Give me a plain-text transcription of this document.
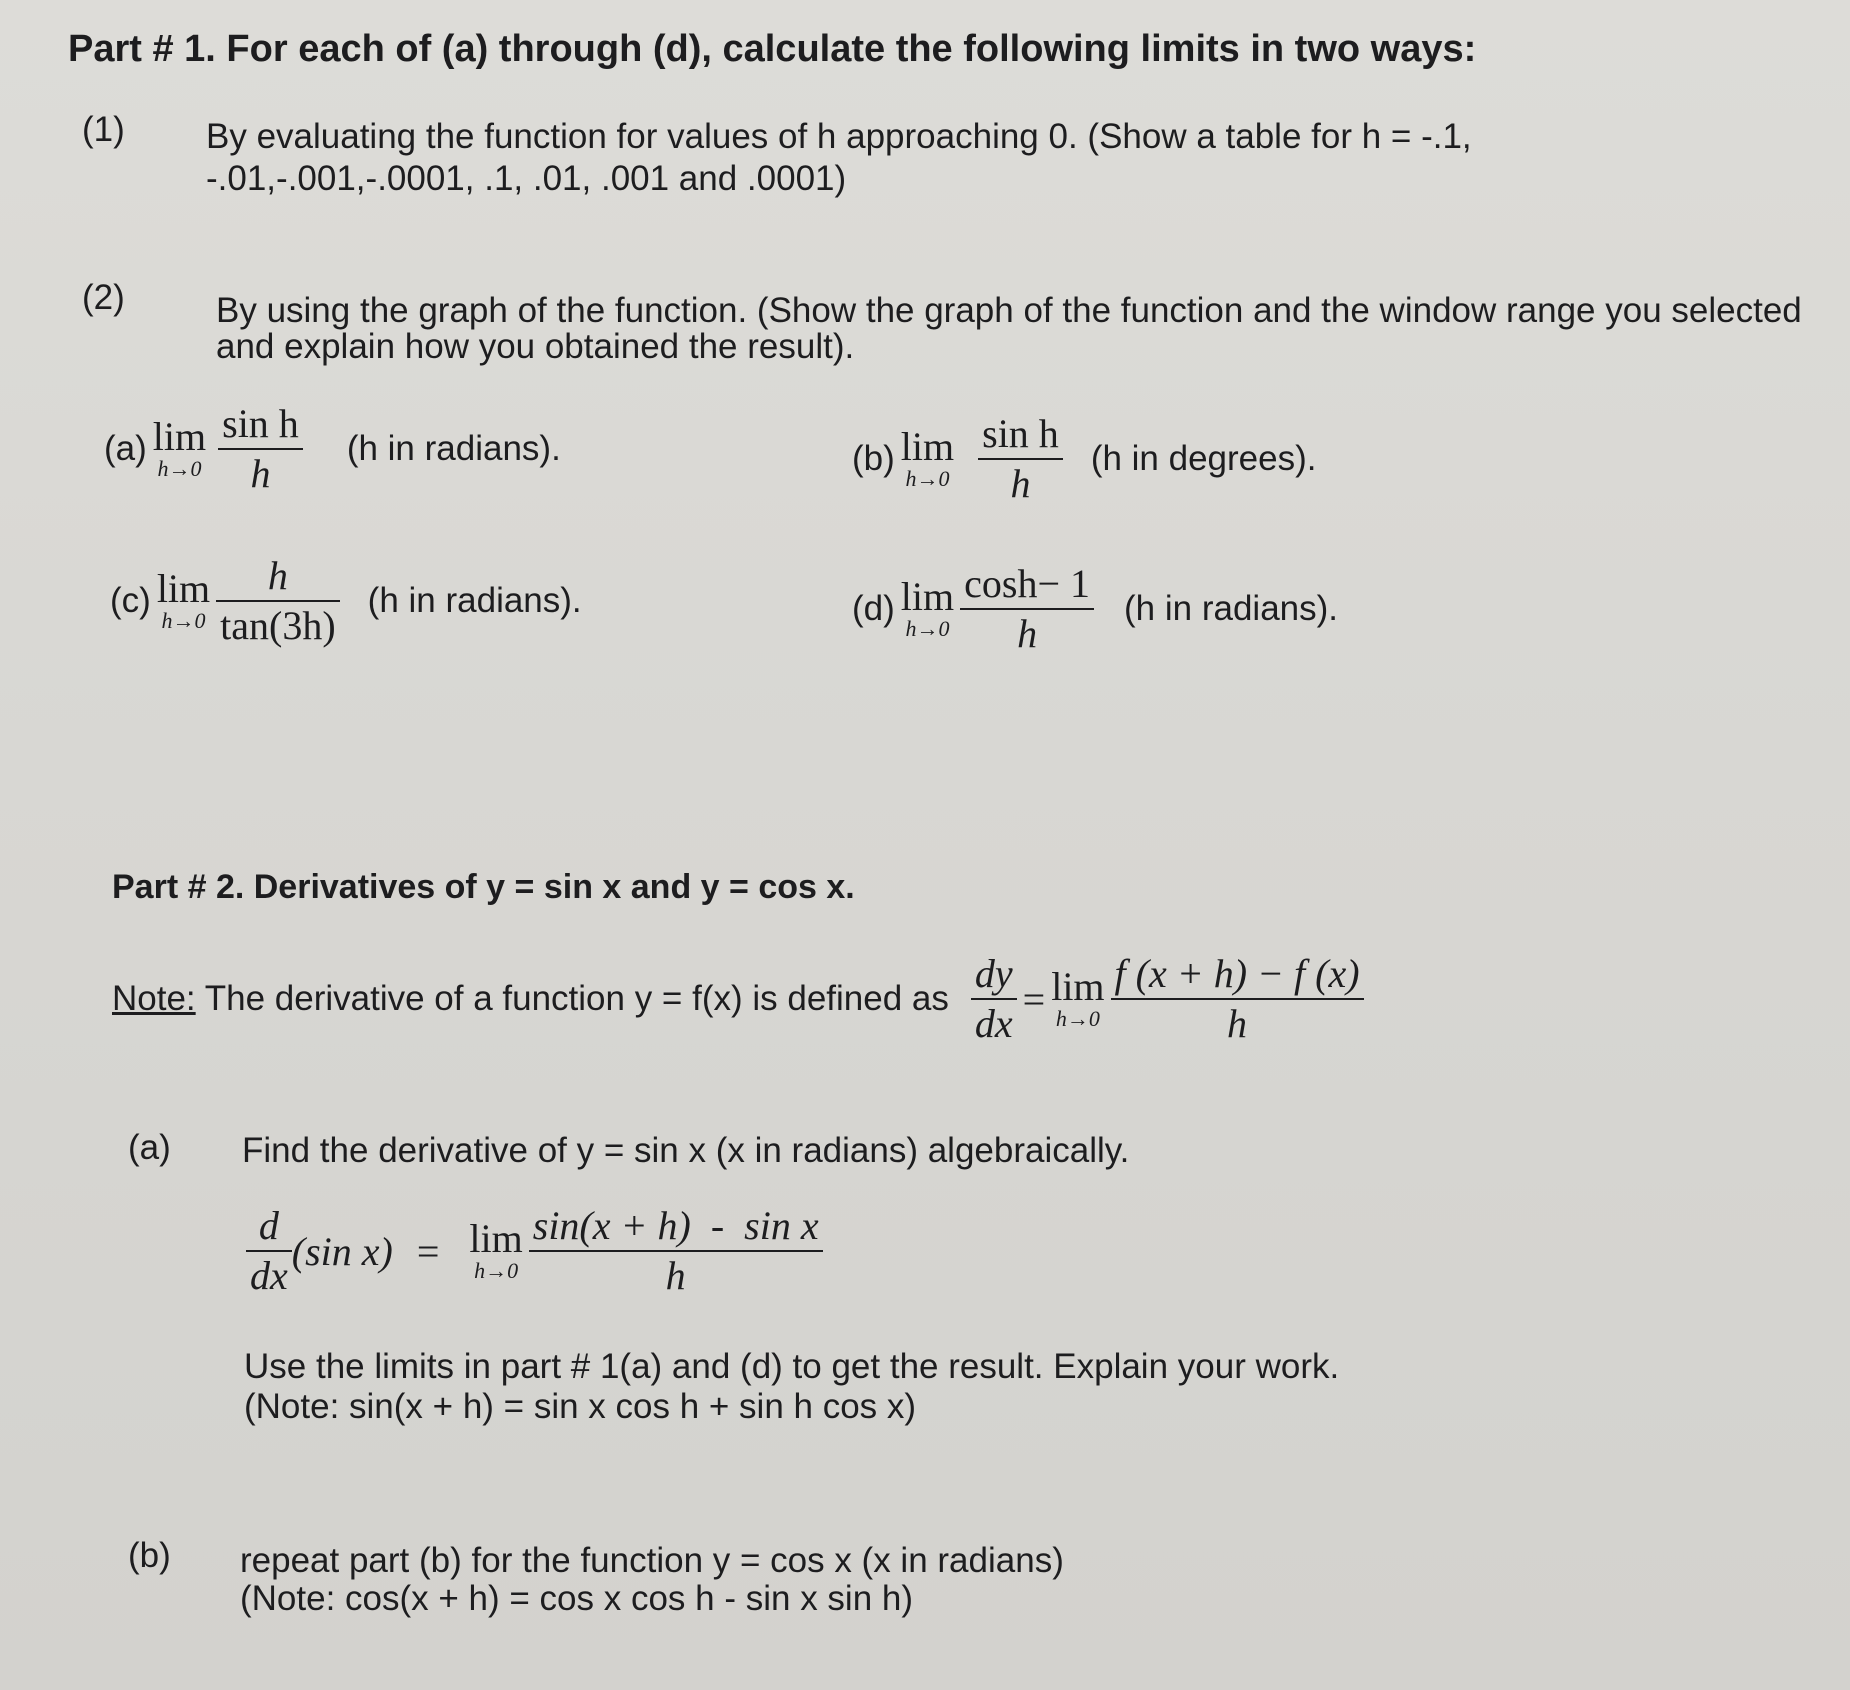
Part # 1. For each of (a) through (d), calculate the following limits in two ways:
(1) By evaluating the function for values of h approaching 0. (Show a table for h = -.1,
-.01,-.001,-.0001, .1, .01, .001 and .0001)
(2)	By using the graph of the function. (Show the graph of the function and the window range you selected
and explain how you obtained the result).
(a) lim
$h\to 0 \frac{\text{sin h}}{h} (h$ in radians).	(b) lim
$h\to 0 \frac{\text{sin h}}{h} (h$ in degrees).
(c) lim
$h\to 0 \frac{h}{\tan(3h)} (h$ in radians).	(d) lim
$h\to 0 \frac{\cosh- 1}{h} (h$ in radians).
Part # 2. Derivatives of y = sin x and y = cos x.
Note: The derivative of a function y = f(x) is defined as $\frac{dy}{dx} = \lim$
$h\to 0 \frac{f (x + h) - f (x)}{h}$
(a) Find the derivative of y = sin x (x in radians) algebraically.
$\frac{d}{dx} (\sin$ x) = lim
$h\to 0 \frac{\text{sin(x + h)  -  sin x}}{h}$
Use the limits in part # 1(a) and (d) to get the result. Explain your work.
(Note: sin(x + h) = sin x cos h + sin h cos x)
(b) repeat part (b) for the function y = cos x (x in radians)
(Note: cos(x + h) = cos x cos h - sin x sin h)
